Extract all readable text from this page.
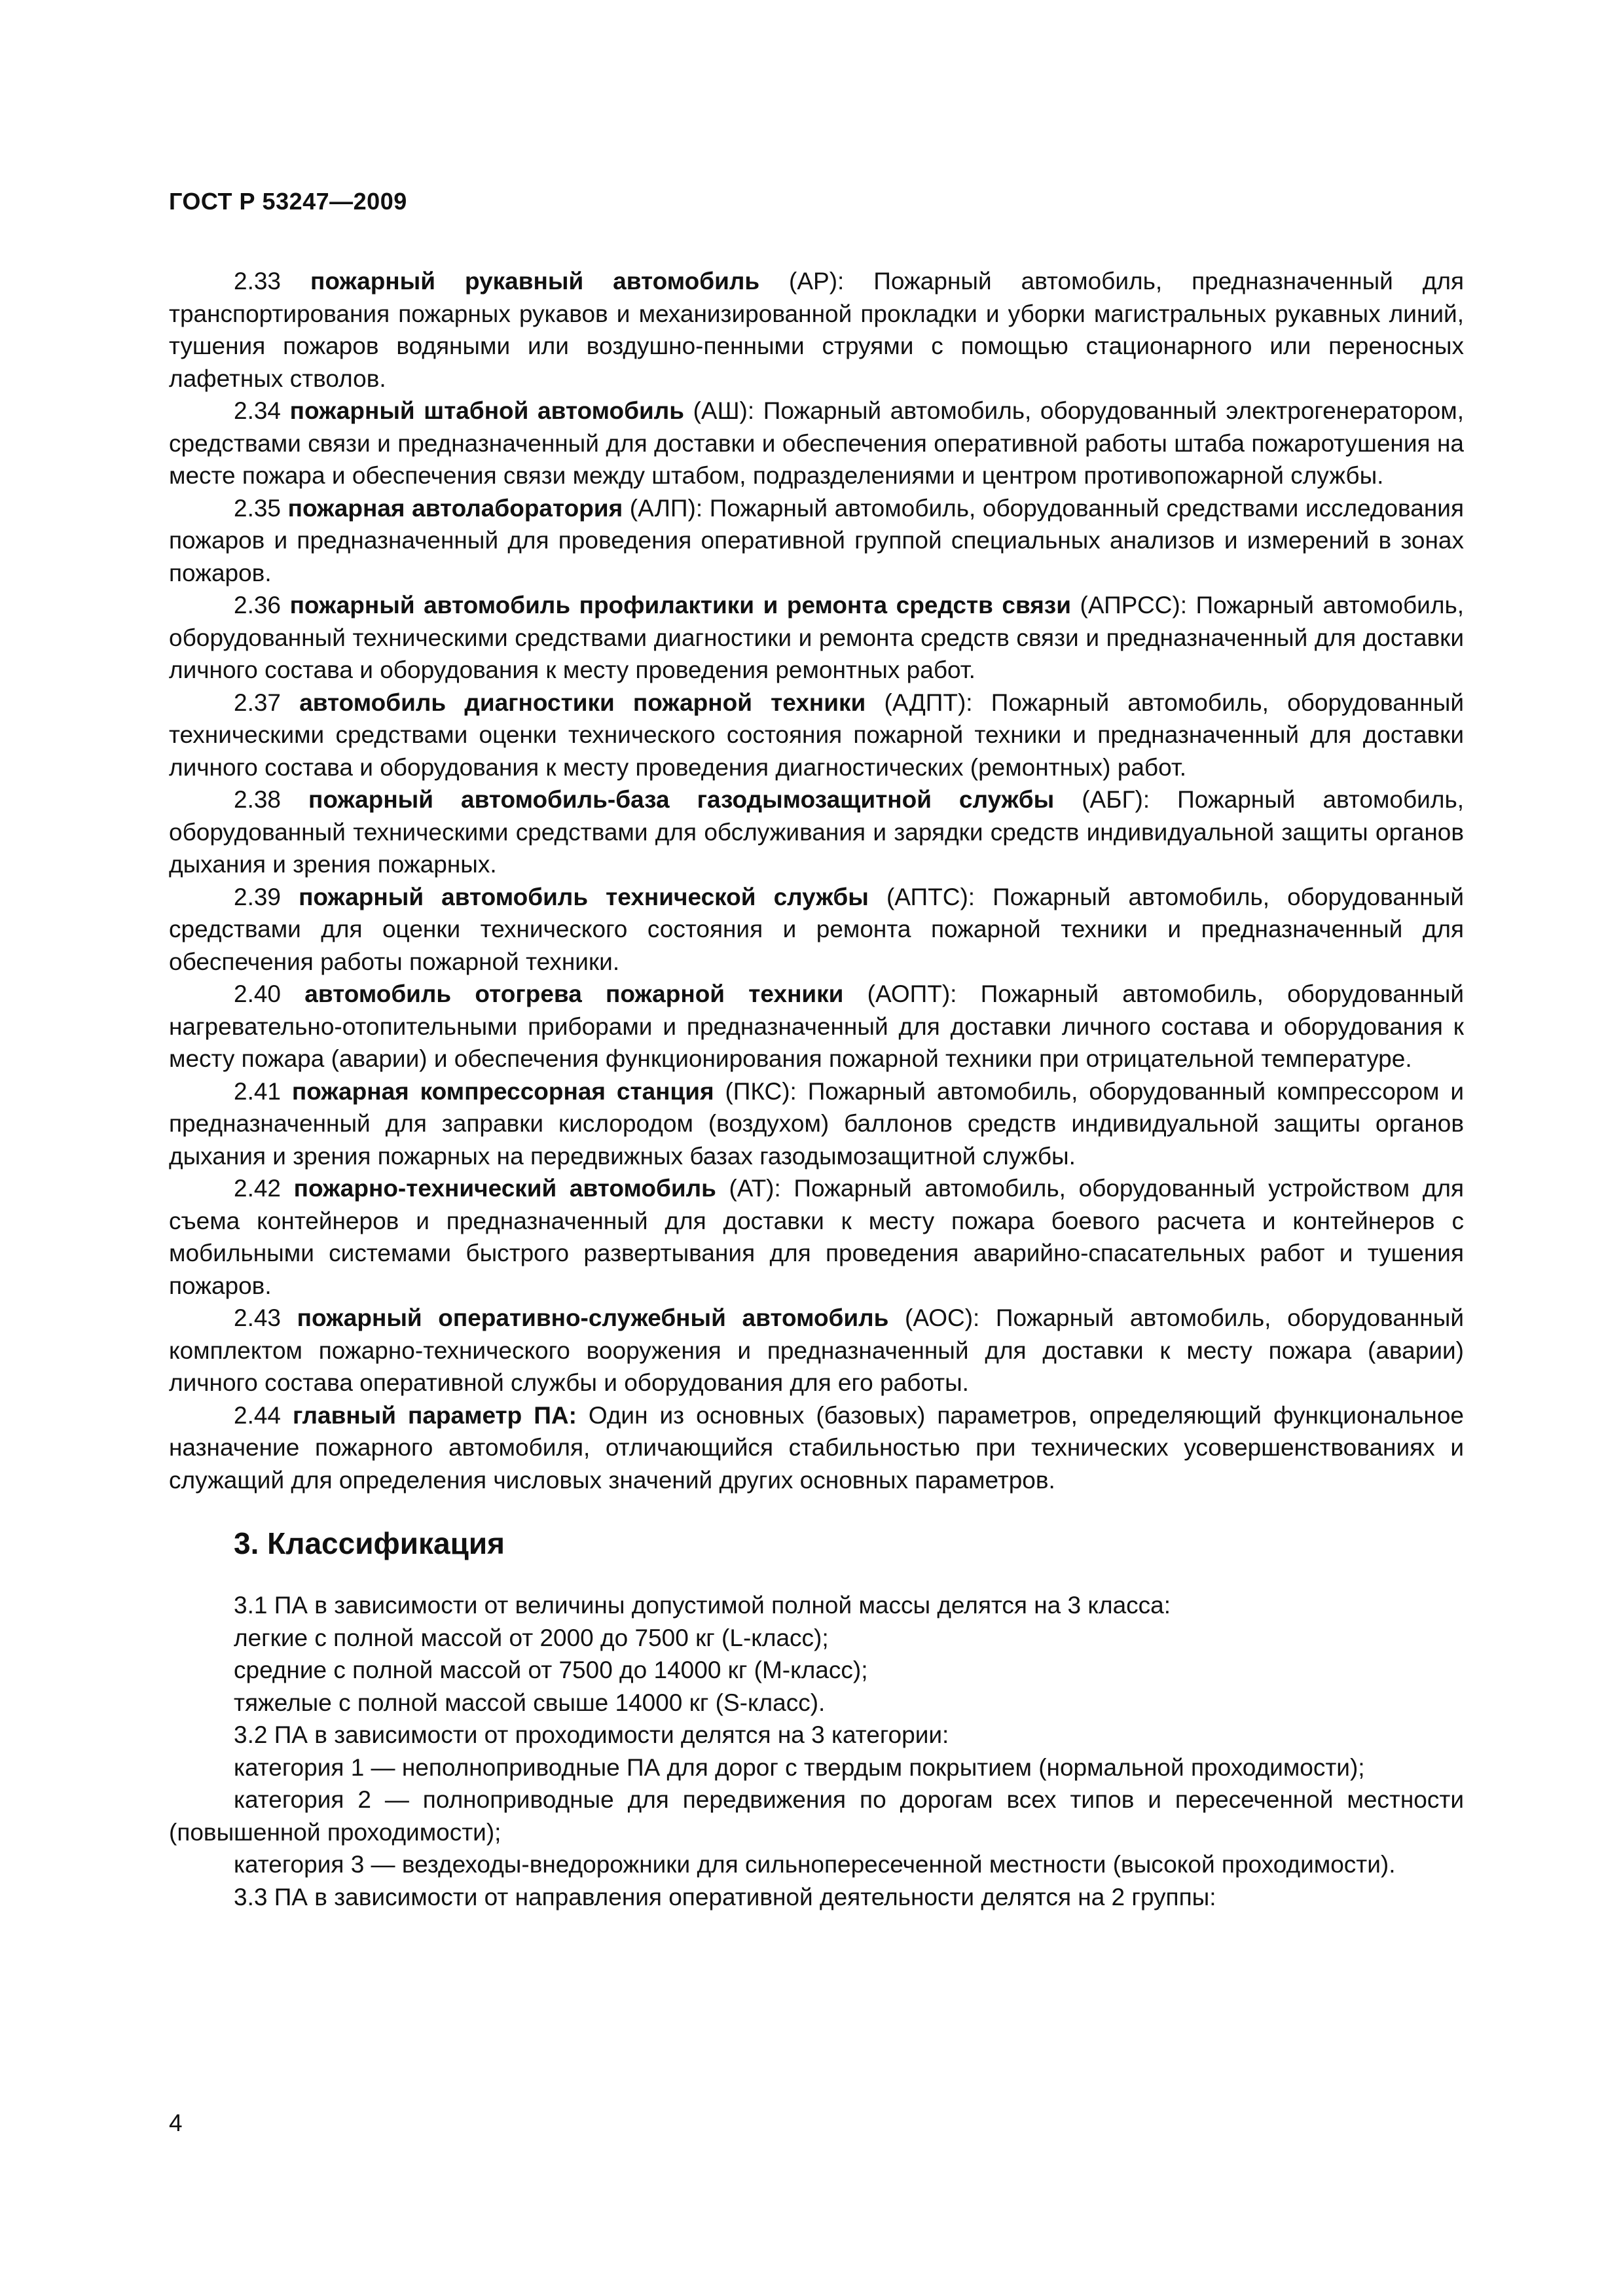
ГОСТ Р 53247—2009

2.33 пожарный рукавный автомобиль (АР): Пожарный автомобиль, предназначенный для транспортирования пожарных рукавов и механизированной прокладки и уборки магистральных рукавных линий, тушения пожаров водяными или воздушно-пенными струями с помощью стационарного или переносных лафетных стволов.

2.34 пожарный штабной автомобиль (АШ): Пожарный автомобиль, оборудованный электрогенератором, средствами связи и предназначенный для доставки и обеспечения оперативной работы штаба пожаротушения на месте пожара и обеспечения связи между штабом, подразделениями и центром противопожарной службы.

2.35 пожарная автолаборатория (АЛП): Пожарный автомобиль, оборудованный средствами исследования пожаров и предназначенный для проведения оперативной группой специальных анализов и измерений в зонах пожаров.

2.36 пожарный автомобиль профилактики и ремонта средств связи (АПРСС): Пожарный автомобиль, оборудованный техническими средствами диагностики и ремонта средств связи и предназначенный для доставки личного состава и оборудования к месту проведения ремонтных работ.

2.37 автомобиль диагностики пожарной техники (АДПТ): Пожарный автомобиль, оборудованный техническими средствами оценки технического состояния пожарной техники и предназначенный для доставки личного состава и оборудования к месту проведения диагностических (ремонтных) работ.

2.38 пожарный автомобиль-база газодымозащитной службы (АБГ): Пожарный автомобиль, оборудованный техническими средствами для обслуживания и зарядки средств индивидуальной защиты органов дыхания и зрения пожарных.

2.39 пожарный автомобиль технической службы (АПТС): Пожарный автомобиль, оборудованный средствами для оценки технического состояния и ремонта пожарной техники и предназначенный для обеспечения работы пожарной техники.

2.40 автомобиль отогрева пожарной техники (АОПТ): Пожарный автомобиль, оборудованный нагревательно-отопительными приборами и предназначенный для доставки личного состава и оборудования к месту пожара (аварии) и обеспечения функционирования пожарной техники при отрицательной температуре.

2.41 пожарная компрессорная станция (ПКС): Пожарный автомобиль, оборудованный компрессором и предназначенный для заправки кислородом (воздухом) баллонов средств индивидуальной защиты органов дыхания и зрения пожарных на передвижных базах газодымозащитной службы.

2.42 пожарно-технический автомобиль (АТ): Пожарный автомобиль, оборудованный устройством для съема контейнеров и предназначенный для доставки к месту пожара боевого расчета и контейнеров с мобильными системами быстрого развертывания для проведения аварийно-спасательных работ и тушения пожаров.

2.43 пожарный оперативно-служебный автомобиль (АОС): Пожарный автомобиль, оборудованный комплектом пожарно-технического вооружения и предназначенный для доставки к месту пожара (аварии) личного состава оперативной службы и оборудования для его работы.

2.44 главный параметр ПА: Один из основных (базовых) параметров, определяющий функциональное назначение пожарного автомобиля, отличающийся стабильностью при технических усовершенствованиях и служащий для определения числовых значений других основных параметров.

3. Классификация

3.1 ПА в зависимости от величины допустимой полной массы делятся на 3 класса:

легкие с полной массой от 2000 до 7500 кг (L-класс);

средние с полной массой от 7500 до 14000 кг (М-класс);

тяжелые с полной массой свыше 14000 кг (S-класс).

3.2 ПА в зависимости от проходимости делятся на 3 категории:

категория 1 — неполноприводные ПА для дорог с твердым покрытием (нормальной проходимости);

категория 2 — полноприводные для передвижения по дорогам всех типов и пересеченной местности (повышенной проходимости);

категория 3 — вездеходы-внедорожники для сильнопересеченной местности (высокой проходимости).

3.3 ПА в зависимости от направления оперативной деятельности делятся на 2 группы:

4
